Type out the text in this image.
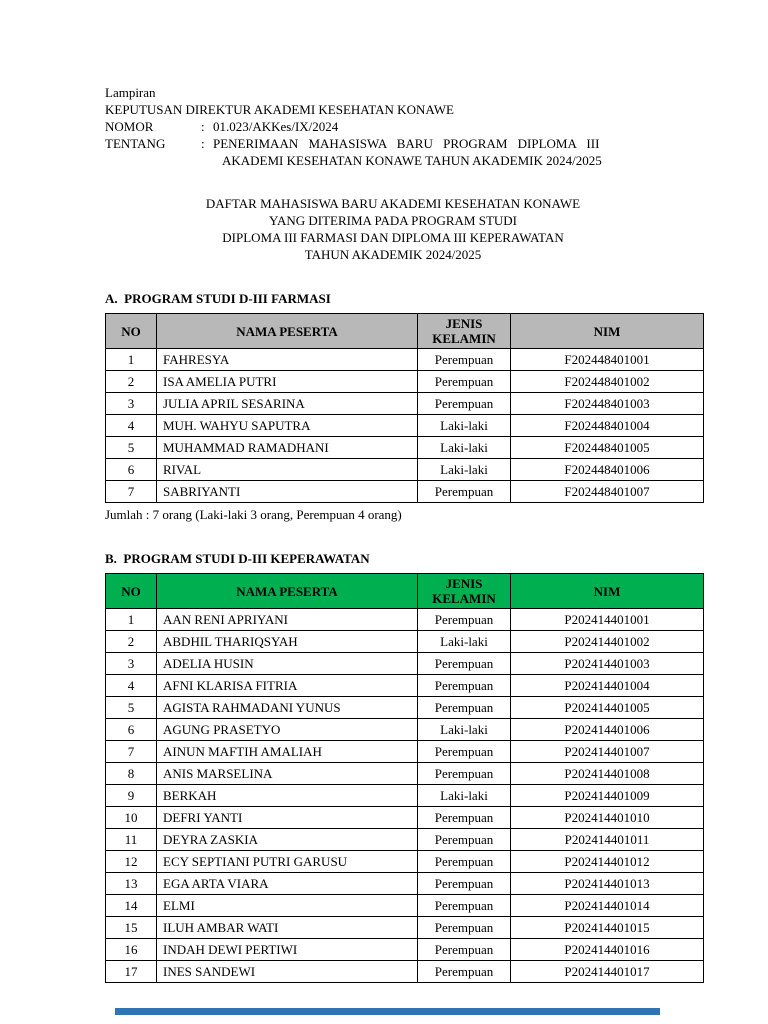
Lampiran
KEPUTUSAN DIREKTUR AKADEMI KESEHATAN KONAWE
NOMOR	: 01.023/AKKes/IX/2024
TENTANG	: PENERIMAAN MAHASISWA BARU PROGRAM DIPLOMA III
AKADEMI KESEHATAN KONAWE TAHUN AKADEMIK 2024/2025
DAFTAR MAHASISWA BARU AKADEMI KESEHATAN KONAWE
YANG DITERIMA PADA PROGRAM STUDI
DIPLOMA III FARMASI DAN DIPLOMA III KEPERAWATAN
TAHUN AKADEMIK 2024/2025
A.  PROGRAM STUDI D-III FARMASI
NO	NAMA PESERTA	JENIS KELAMIN	NIM
1	FAHRESYA	Perempuan	F202448401001
2	ISA AMELIA PUTRI	Perempuan	F202448401002
3	JULIA APRIL SESARINA	Perempuan	F202448401003
4	MUH. WAHYU SAPUTRA	Laki-laki	F202448401004
5	MUHAMMAD RAMADHANI	Laki-laki	F202448401005
6	RIVAL	Laki-laki	F202448401006
7	SABRIYANTI	Perempuan	F202448401007
Jumlah : 7 orang (Laki-laki 3 orang, Perempuan 4 orang)
B.  PROGRAM STUDI D-III KEPERAWATAN
NO	NAMA PESERTA	JENIS KELAMIN	NIM
1	AAN RENI APRIYANI	Perempuan	P202414401001
2	ABDHIL THARIQSYAH	Laki-laki	P202414401002
3	ADELIA HUSIN	Perempuan	P202414401003
4	AFNI KLARISA FITRIA	Perempuan	P202414401004
5	AGISTA RAHMADANI YUNUS	Perempuan	P202414401005
6	AGUNG PRASETYO	Laki-laki	P202414401006
7	AINUN MAFTIH AMALIAH	Perempuan	P202414401007
8	ANIS MARSELINA	Perempuan	P202414401008
9	BERKAH	Laki-laki	P202414401009
10	DEFRI YANTI	Perempuan	P202414401010
11	DEYRA ZASKIA	Perempuan	P202414401011
12	ECY SEPTIANI PUTRI GARUSU	Perempuan	P202414401012
13	EGA ARTA VIARA	Perempuan	P202414401013
14	ELMI	Perempuan	P202414401014
15	ILUH AMBAR WATI	Perempuan	P202414401015
16	INDAH DEWI PERTIWI	Perempuan	P202414401016
17	INES SANDEWI	Perempuan	P202414401017
